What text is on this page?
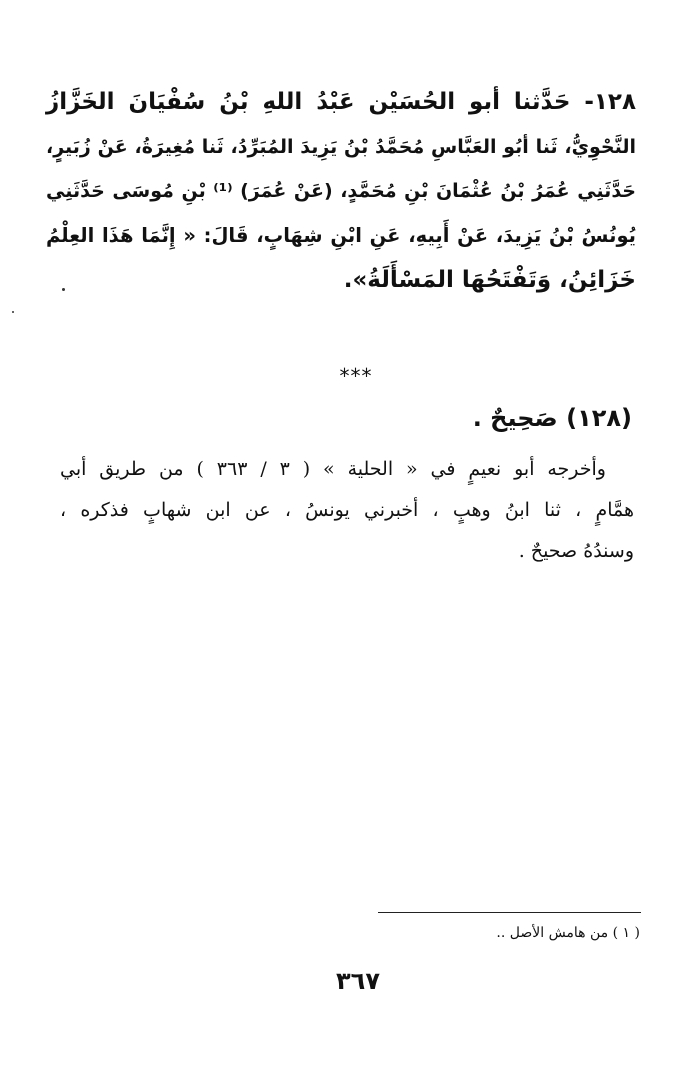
١٢٨- حَدَّثنا أبو الحُسَيْن عَبْدُ اللهِ بْنُ سُفْيَانَ الخَزَّازُ
النَّحْوِيُّ، ثَنا أبُو العَبَّاسِ مُحَمَّدُ بْنُ يَزِيدَ المُبَرِّدُ، ثَنا مُغِيرَةُ، عَنْ زُبَيرٍ،
حَدَّثَنِي عُمَرُ بْنُ عُثْمَانَ بْنِ مُحَمَّدٍ، (عَنْ عُمَرَ) ⁽¹⁾ بْنِ مُوسَى حَدَّثَنِي
يُونُسُ بْنُ يَزِيدَ، عَنْ أَبِيهِ، عَنِ ابْنِ شِهَابٍ، قَالَ: « إِنَّمَا هَذَا العِلْمُ
خَزَائِنُ، وَتَفْتَحُهَا المَسْأَلَةُ».
***
(١٢٨) صَحِيحٌ .
وأخرجه أبو نعيمٍ في « الحلية » ( ٣ / ٣٦٣ ) من طريق أبي
همَّامٍ ، ثنا ابنُ وهبٍ ، أخبرني يونسُ ، عن ابن شهابٍ فذكره ،
وسندُهُ صحيحٌ .
( ١ ) من هامش الأصل ..
٣٦٧
